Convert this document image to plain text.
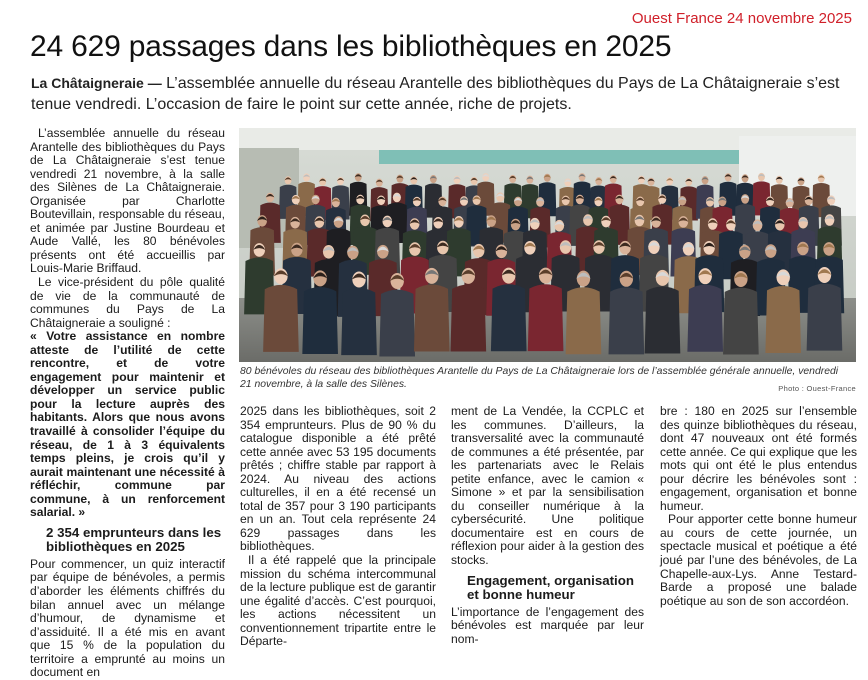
Ouest France 24 novembre 2025
24 629 passages dans les bibliothèques en 2025
La Châtaigneraie — L’assemblée annuelle du réseau Arantelle des bibliothèques du Pays de La Châtaigneraie s’est tenue vendredi. L’occasion de faire le point sur cette année, riche de projets.

L’assemblée annuelle du réseau Arantelle des bibliothèques du Pays de La Châtaigneraie s’est tenue vendredi 21 novembre, à la salle des Silènes de La Châtaigneraie. Organisée par Charlotte Boutevillain, responsable du réseau, et animée par Justine Bourdeau et Aude Vallé, les 80 bénévoles présents ont été accueillis par Louis-Marie Briffaud.

Le vice-président du pôle qualité de vie de la communauté de communes du Pays de La Châtaigneraie a souligné :

« Votre assistance en nombre atteste de l’utilité de cette rencontre, et de votre engagement pour maintenir et développer un service public pour la lecture auprès des habitants. Alors que nous avons travaillé à consolider l’équipe du réseau, de 1 à 3 équivalents temps pleins, je crois qu’il y aurait maintenant une nécessité à réfléchir, commune par commune, à un renforcement salarial. »

2 354 emprunteurs dans les bibliothèques en 2025

Pour commencer, un quiz interactif par équipe de bénévoles, a permis d’aborder les éléments chiffrés du bilan annuel avec un mélange d’humour, de dynamisme et d’assiduité. Il a été mis en avant que 15 % de la population du territoire a emprunté au moins un document en

80 bénévoles du réseau des bibliothèques Arantelle du Pays de La Châtaigneraie lors de l’assemblée générale annuelle, vendredi 21 novembre, à la salle des Silènes.	Photo : Ouest-France

2025 dans les bibliothèques, soit 2 354 emprunteurs. Plus de 90 % du catalogue disponible a été prêté cette année avec 53 195 documents prêtés ; chiffre stable par rapport à 2024. Au niveau des actions culturelles, il en a été recensé un total de 357 pour 3 190 participants en un an. Tout cela représente 24 629 passages dans les bibliothèques.

Il a été rappelé que la principale mission du schéma intercommunal de la lecture publique est de garantir une égalité d’accès. C’est pourquoi, les actions nécessitent un conventionnement tripartite entre le Départe-

ment de La Vendée, la CCPLC et les communes. D’ailleurs, la transversalité avec la communauté de communes a été présentée, par les partenariats avec le Relais petite enfance, avec le camion « Simone » et par la sensibilisation du conseiller numérique à la cybersécurité. Une politique documentaire est en cours de réflexion pour aider à la gestion des stocks.

Engagement, organisation et bonne humeur

L’importance de l’engagement des bénévoles est marquée par leur nom-

bre : 180 en 2025 sur l’ensemble des quinze bibliothèques du réseau, dont 47 nouveaux ont été formés cette année. Ce qui explique que les mots qui ont été le plus entendus pour décrire les bénévoles sont : engagement, organisation et bonne humeur.

Pour apporter cette bonne humeur au cours de cette journée, un spectacle musical et poétique a été joué par l’une des bénévoles, de La Chapelle-aux-Lys. Anne Testard-Barde a proposé une balade poétique au son de son accordéon.
